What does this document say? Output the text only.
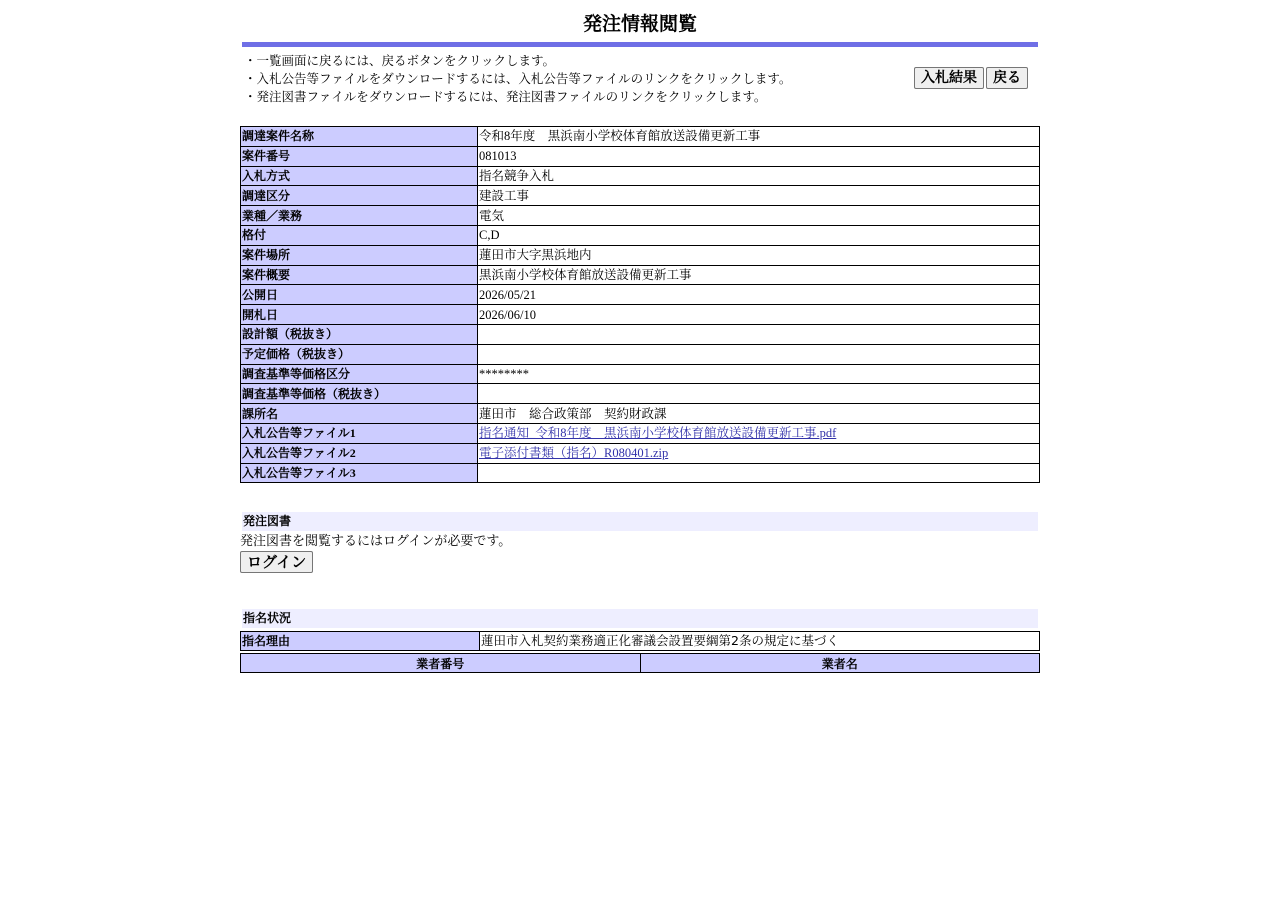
発注情報閲覧
・一覧画面に戻るには、戻るボタンをクリックします。
・入札公告等ファイルをダウンロードするには、入札公告等ファイルのリンクをクリックします。
・発注図書ファイルをダウンロードするには、発注図書ファイルのリンクをクリックします。
入札結果 戻る
調達案件名称	令和8年度　黒浜南小学校体育館放送設備更新工事
案件番号	081013
入札方式	指名競争入札
調達区分	建設工事
業種／業務	電気
格付	C,D
案件場所	蓮田市大字黒浜地内
案件概要	黒浜南小学校体育館放送設備更新工事
公開日	2026/05/21
開札日	2026/06/10
設計額（税抜き）	
予定価格（税抜き）	
調査基準等価格区分	********
調査基準等価格（税抜き）	
課所名	蓮田市　総合政策部　契約財政課
入札公告等ファイル1	指名通知_令和8年度　黒浜南小学校体育館放送設備更新工事.pdf
入札公告等ファイル2	電子添付書類（指名）R080401.zip
入札公告等ファイル3	
発注図書
発注図書を閲覧するにはログインが必要です。
ログイン
指名状況
指名理由	蓮田市入札契約業務適正化審議会設置要綱第2条の規定に基づく
業者番号	業者名
